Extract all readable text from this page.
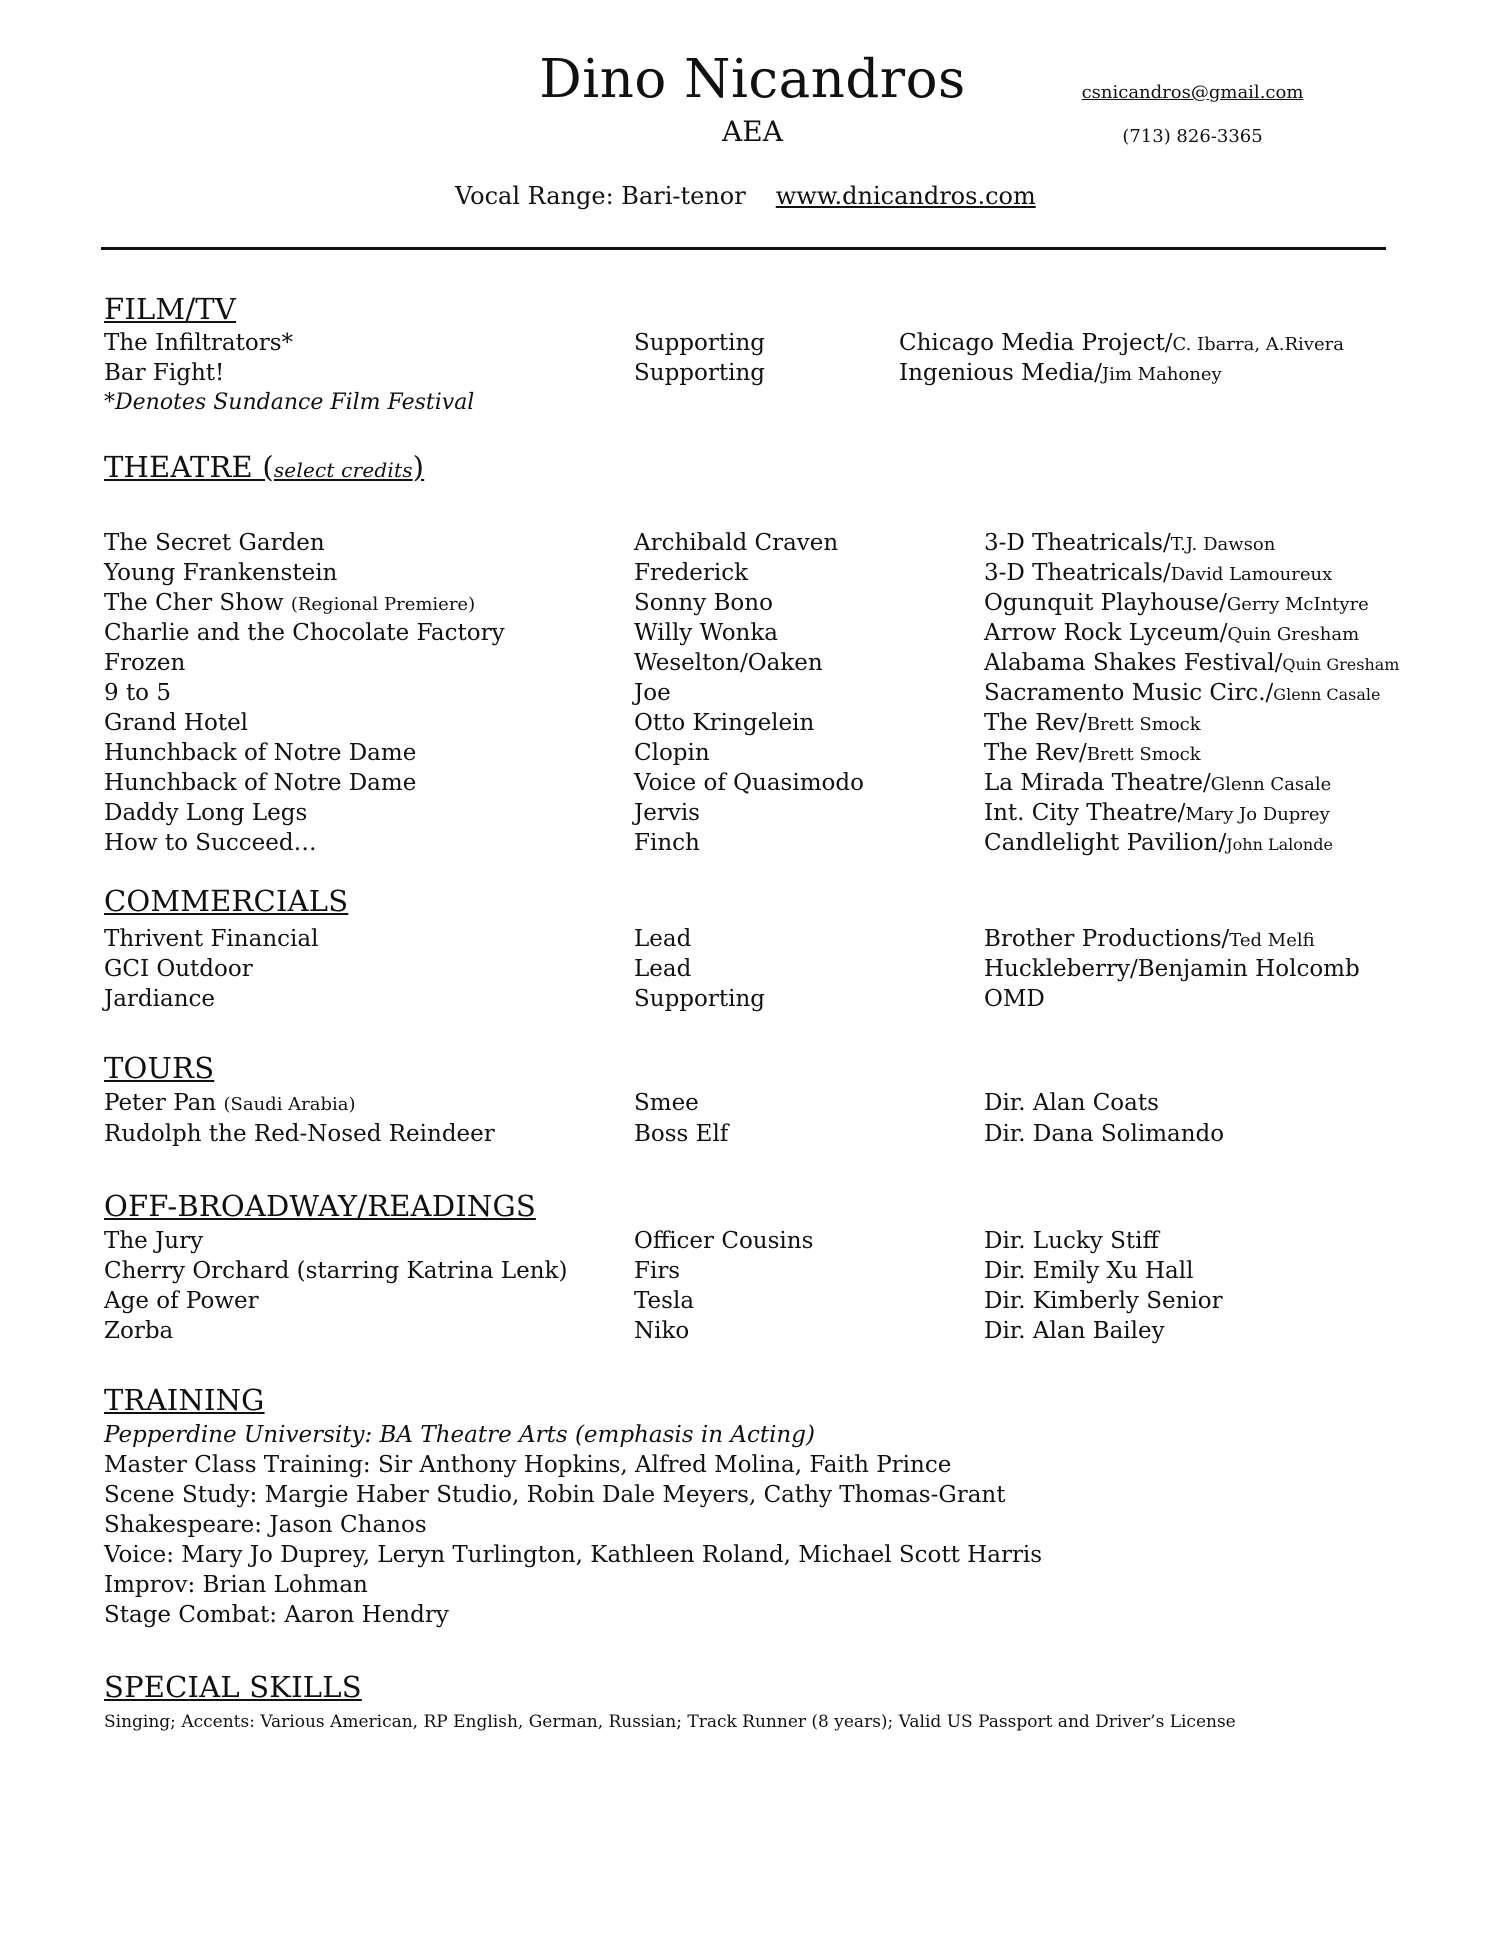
Dino Nicandros
AEA
csnicandros@gmail.com
(713) 826-3365
Vocal Range: Bari-tenor www.dnicandros.com
FILM/TV
The Infiltrators*	Supporting	Chicago Media Project/C. Ibarra, A.Rivera
Bar Fight!	Supporting	Ingenious Media/Jim Mahoney
*Denotes Sundance Film Festival
THEATRE (select credits)
The Secret Garden	Archibald Craven	3-D Theatricals/T.J. Dawson
Young Frankenstein	Frederick	3-D Theatricals/David Lamoureux
The Cher Show (Regional Premiere)	Sonny Bono	Ogunquit Playhouse/Gerry McIntyre
Charlie and the Chocolate Factory	Willy Wonka	Arrow Rock Lyceum/Quin Gresham
Frozen	Weselton/Oaken	Alabama Shakes Festival/Quin Gresham
9 to 5	Joe	Sacramento Music Circ./Glenn Casale
Grand Hotel	Otto Kringelein	The Rev/Brett Smock
Hunchback of Notre Dame	Clopin	The Rev/Brett Smock
Hunchback of Notre Dame	Voice of Quasimodo	La Mirada Theatre/Glenn Casale
Daddy Long Legs	Jervis	Int. City Theatre/Mary Jo Duprey
How to Succeed…	Finch	Candlelight Pavilion/John Lalonde
COMMERCIALS
Thrivent Financial	Lead	Brother Productions/Ted Melfi
GCI Outdoor	Lead	Huckleberry/Benjamin Holcomb
Jardiance	Supporting	OMD
TOURS
Peter Pan (Saudi Arabia)	Smee	Dir. Alan Coats
Rudolph the Red-Nosed Reindeer	Boss Elf	Dir. Dana Solimando
OFF-BROADWAY/READINGS
The Jury	Officer Cousins	Dir. Lucky Stiff
Cherry Orchard (starring Katrina Lenk)	Firs	Dir. Emily Xu Hall
Age of Power	Tesla	Dir. Kimberly Senior
Zorba	Niko	Dir. Alan Bailey
TRAINING
Pepperdine University: BA Theatre Arts (emphasis in Acting)
Master Class Training: Sir Anthony Hopkins, Alfred Molina, Faith Prince
Scene Study: Margie Haber Studio, Robin Dale Meyers, Cathy Thomas-Grant
Shakespeare: Jason Chanos
Voice: Mary Jo Duprey, Leryn Turlington, Kathleen Roland, Michael Scott Harris
Improv: Brian Lohman
Stage Combat: Aaron Hendry
SPECIAL SKILLS
Singing; Accents: Various American, RP English, German, Russian; Track Runner (8 years); Valid US Passport and Driver’s License
